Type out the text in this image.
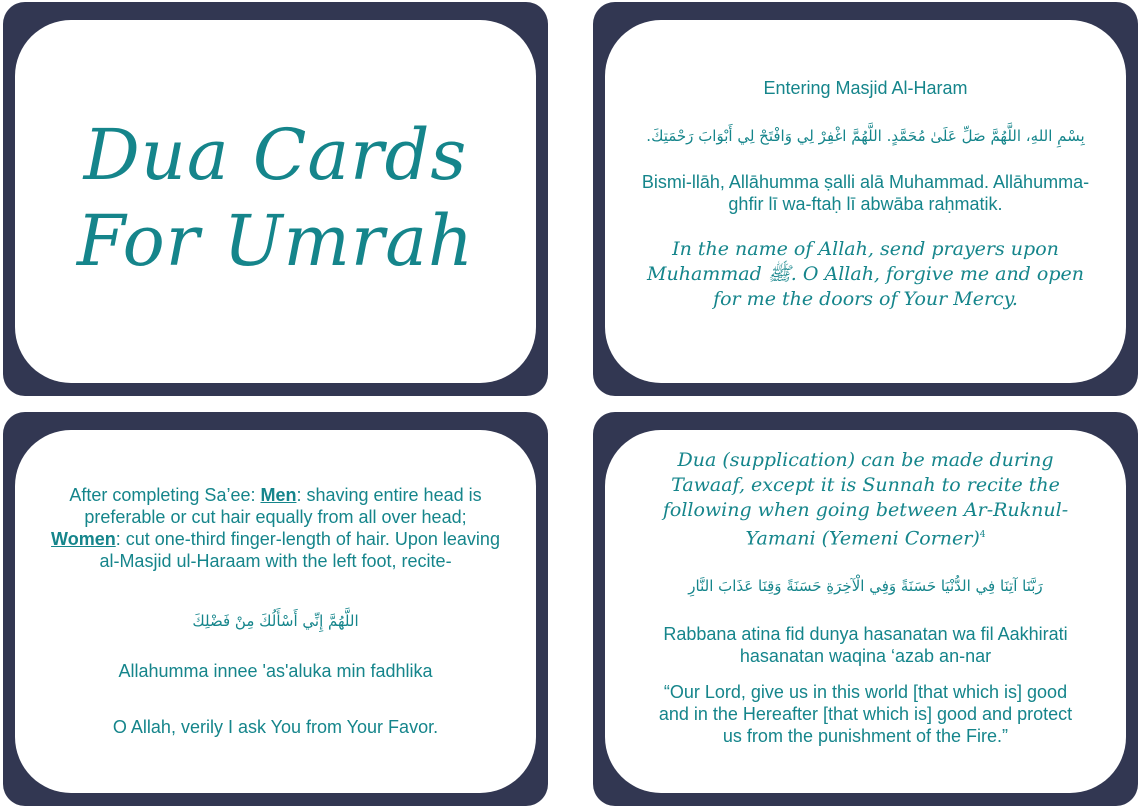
Dua Cards
For Umrah
Entering Masjid Al-Haram
بِسْمِ اللهِ، اللَّهُمَّ صَلِّ عَلَىٰ مُحَمَّدٍ. اللَّهُمَّ اغْفِرْ لِي وَافْتَحْ لِي أَبْوَابَ رَحْمَتِكَ.
Bismi-llāh, Allāhumma ṣalli alā Muhammad. Allāhumma-
ghfir lī wa-ftaḥ lī abwāba raḥmatik.
In the name of Allah, send prayers upon
Muhammad ﷺ. O Allah, forgive me and open
for me the doors of Your Mercy.
After completing Sa’ee: Men: shaving entire head is
preferable or cut hair equally from all over head;
Women: cut one-third finger-length of hair. Upon leaving
al-Masjid ul-Haraam with the left foot, recite-
اللَّهُمَّ إِنِّي أَسْأَلُكَ مِنْ فَضْلِكَ
Allahumma innee 'as'aluka min fadhlika
O Allah, verily I ask You from Your Favor.
Dua (supplication) can be made during
Tawaaf, except it is Sunnah to recite the
following when going between Ar-Ruknul-
Yamani (Yemeni Corner)$^4$
رَبَّنَا آتِنَا فِي الدُّنْيَا حَسَنَةً وَفِي الْآخِرَةِ حَسَنَةً وَقِنَا عَذَابَ النَّارِ
Rabbana atina fid dunya hasanatan wa fil Aakhirati
hasanatan waqina ‘azab an-nar
“Our Lord, give us in this world [that which is] good
and in the Hereafter [that which is] good and protect
us from the punishment of the Fire.”
